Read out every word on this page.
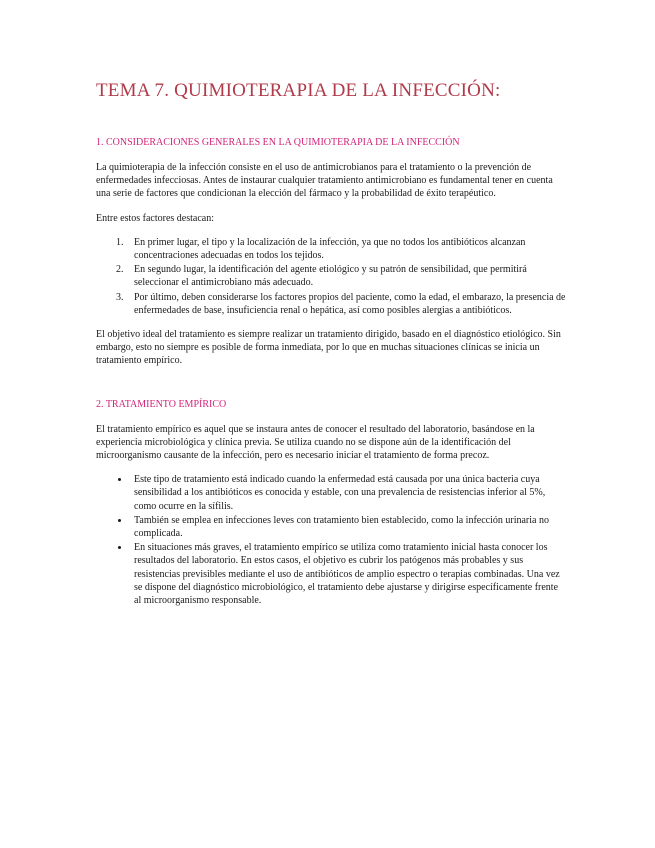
TEMA 7. QUIMIOTERAPIA DE LA INFECCIÓN:
1. CONSIDERACIONES GENERALES EN LA QUIMIOTERAPIA DE LA INFECCIÓN

La quimioterapia de la infección consiste en el uso de antimicrobianos para el tratamiento o la prevención de enfermedades infecciosas. Antes de instaurar cualquier tratamiento antimicrobiano es fundamental tener en cuenta una serie de factores que condicionan la elección del fármaco y la probabilidad de éxito terapéutico.

Entre estos factores destacan:

1. En primer lugar, el tipo y la localización de la infección, ya que no todos los antibióticos alcanzan concentraciones adecuadas en todos los tejidos.
2. En segundo lugar, la identificación del agente etiológico y su patrón de sensibilidad, que permitirá seleccionar el antimicrobiano más adecuado.
3. Por último, deben considerarse los factores propios del paciente, como la edad, el embarazo, la presencia de enfermedades de base, insuficiencia renal o hepática, así como posibles alergias a antibióticos.

El objetivo ideal del tratamiento es siempre realizar un tratamiento dirigido, basado en el diagnóstico etiológico. Sin embargo, esto no siempre es posible de forma inmediata, por lo que en muchas situaciones clínicas se inicia un tratamiento empírico.

2. TRATAMIENTO EMPÍRICO

El tratamiento empírico es aquel que se instaura antes de conocer el resultado del laboratorio, basándose en la experiencia microbiológica y clínica previa. Se utiliza cuando no se dispone aún de la identificación del microorganismo causante de la infección, pero es necesario iniciar el tratamiento de forma precoz.

Este tipo de tratamiento está indicado cuando la enfermedad está causada por una única bacteria cuya sensibilidad a los antibióticos es conocida y estable, con una prevalencia de resistencias inferior al 5%, como ocurre en la sífilis.
También se emplea en infecciones leves con tratamiento bien establecido, como la infección urinaria no complicada.
En situaciones más graves, el tratamiento empírico se utiliza como tratamiento inicial hasta conocer los resultados del laboratorio. En estos casos, el objetivo es cubrir los patógenos más probables y sus resistencias previsibles mediante el uso de antibióticos de amplio espectro o terapias combinadas. Una vez se dispone del diagnóstico microbiológico, el tratamiento debe ajustarse y dirigirse específicamente frente al microorganismo responsable.
